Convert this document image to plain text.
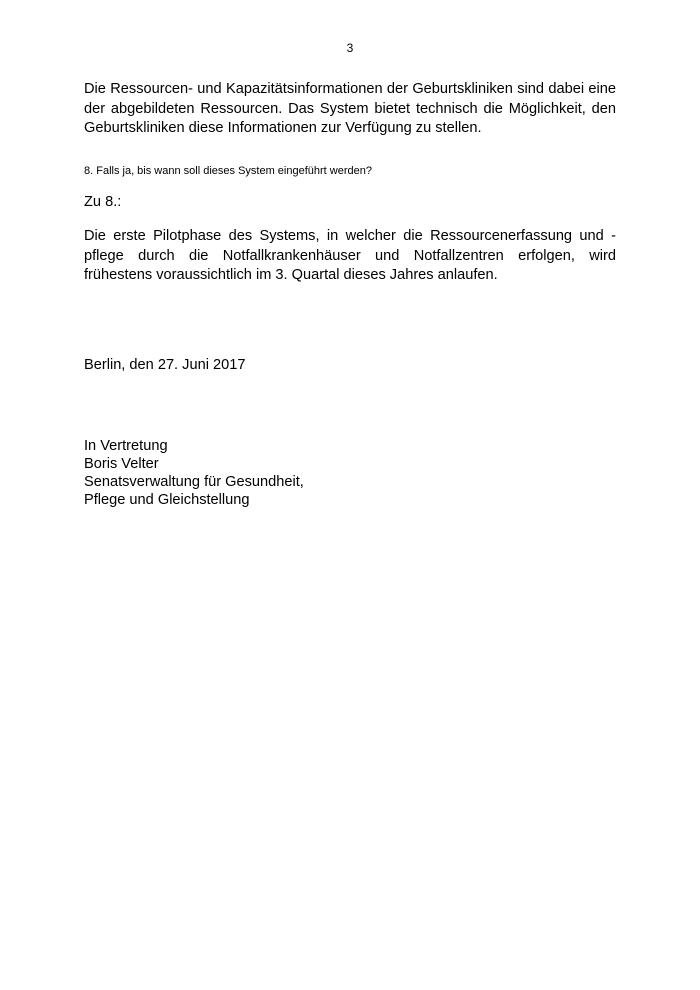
3

Die Ressourcen- und Kapazitätsinformationen der Geburtskliniken sind dabei eine der abgebildeten Ressourcen. Das System bietet technisch die Möglichkeit, den Geburtskliniken diese Informationen zur Verfügung zu stellen.

8. Falls ja, bis wann soll dieses System eingeführt werden?

Zu 8.:

Die erste Pilotphase des Systems, in welcher die Ressourcenerfassung und -pflege durch die Notfallkrankenhäuser und Notfallzentren erfolgen, wird frühestens voraussichtlich im 3. Quartal dieses Jahres anlaufen.

Berlin, den 27. Juni 2017

In Vertretung
Boris Velter
Senatsverwaltung für Gesundheit,
Pflege und Gleichstellung
